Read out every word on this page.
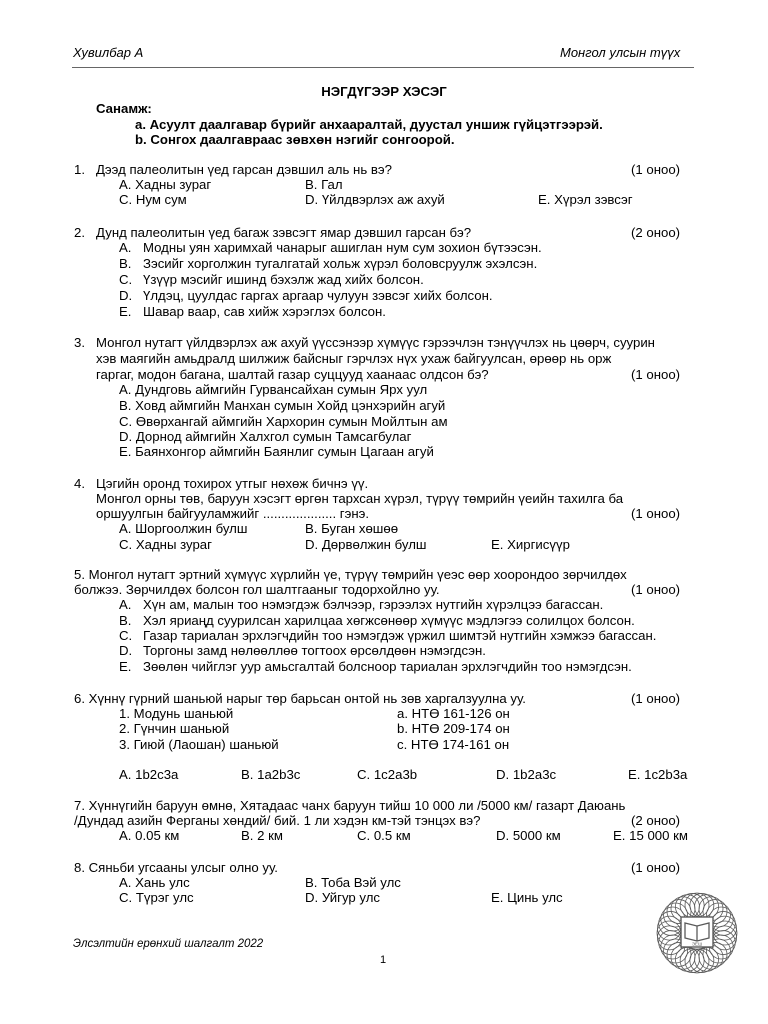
Хувилбар А	Монгол улсын түүх
НЭГДҮГЭЭР ХЭСЭГ
Санамж:
a. Асуулт даалгавар бүрийг анхааралтай, дуустал уншиж гүйцэтгээрэй.
b. Сонгох даалгавраас зөвхөн нэгийг сонгоорой.
1. Дээд палеолитын үед гарсан дэвшил аль нь вэ?	(1 оноо)
A. Хадны зураг	B. Гал
C. Нум сум	D. Үйлдвэрлэх аж ахуй	E. Хүрэл зэвсэг
2. Дунд палеолитын үед багаж зэвсэгт ямар дэвшил гарсан бэ?	(2 оноо)
A. Модны уян харимхай чанарыг ашиглан нум сум зохион бүтээсэн.
B. Зэсийг хорголжин тугалгатай хольж хүрэл боловсруулж эхэлсэн.
C. Үзүүр мэсийг ишинд бэхэлж жад хийх болсон.
D. Үлдэц, цуулдас гаргах аргаар чулуун зэвсэг хийх болсон.
E. Шавар ваар, сав хийж хэрэглэх болсон.
3. Монгол нутагт үйлдвэрлэх аж ахуй үүссэнээр хүмүүс гэрээчлэн тэнүүчлэх нь цөөрч, суурин
хэв маягийн амьдралд шилжиж байсныг гэрчлэх нүх ухаж байгуулсан, өрөөр нь орж
гаргаг, модон багана, шалтай газар суццууд хаанаас олдсон бэ?	(1 оноо)
A. Дундговь аймгийн Гурвансайхан сумын Ярх уул
B. Ховд аймгийн Манхан сумын Хойд цэнхэрийн агуй
C. Өвөрхангай аймгийн Хархорин сумын Мойлтын ам
D. Дорнод аймгийн Халхгол сумын Тамсагбулаг
E. Баянхонгор аймгийн Баянлиг сумын Цагаан агуй
4. Цэгийн оронд тохирох утгыг нөхөж бичнэ үү.
Монгол орны төв, баруун хэсэгт өргөн тархсан хүрэл, түрүү төмрийн үеийн тахилга ба
оршуулгын байгууламжийг .................... гэнэ.	(1 оноо)
A. Шоргоолжин булш	B. Буган хөшөө
C. Хадны зураг	D. Дөрвөлжин булш	E. Хиргисүүр
5. Монгол нутагт эртний хүмүүс хүрлийн үе, түрүү төмрийн үеэс өөр хоорондоо зөрчилдөх
болжээ. Зөрчилдөх болсон гол шалтгааныг тодорхойлно уу.	(1 оноо)
A. Хүн ам, малын тоо нэмэгдэж бэлчээр, гэрээлэх нутгийн хүрэлцээ багассан.
B. Хэл яриаңд суурилсан харилцаа хөгжсөнөөр хүмүүс мэдлэгээ солилцох болсон.
C. Газар тариалан эрхлэгчдийн тоо нэмэгдэж үржил шимтэй нутгийн хэмжээ багассан.
D. Торгоны замд нөлөөллөө тогтоох өрсөлдөөн нэмэгдсэн.
E. Зөөлөн чийглэг уур амьсгалтай болсноор тариалан эрхлэгчдийн тоо нэмэгдсэн.
6. Хүннү гүрний шаньюй нарыг төр барьсан онтой нь зөв харгалзуулна уу.	(1 оноо)
1. Модунь шаньюй	a. НТӨ 161-126 он
2. Гүнчин шаньюй	b. НТӨ 209-174 он
3. Гиюй (Лаошан) шаньюй	c. НТӨ 174-161 он
A. 1b2c3a	B. 1a2b3c	C. 1c2a3b	D. 1b2a3c	E. 1c2b3a
7. Хүннүгийн баруун өмнө, Хятадаас чанх баруун тийш 10 000 ли /5000 км/ газарт Даюань
/Дундад азийн Ферганы хөндий/ бий. 1 ли хэдэн км-тэй тэнцэх вэ?	(2 оноо)
A. 0.05 км	B. 2 км	C. 0.5 км	D. 5000 км	E. 15 000 км
8. Сяньби угсааны улсыг олно уу.	(1 оноо)
A. Хань улс	B. Тоба Вэй улс
C. Түрэг улс	D. Уйгур улс	E. Цинь улс
Элсэлтийн ерөнхий шалгалт 2022
1
ЭЕШ
